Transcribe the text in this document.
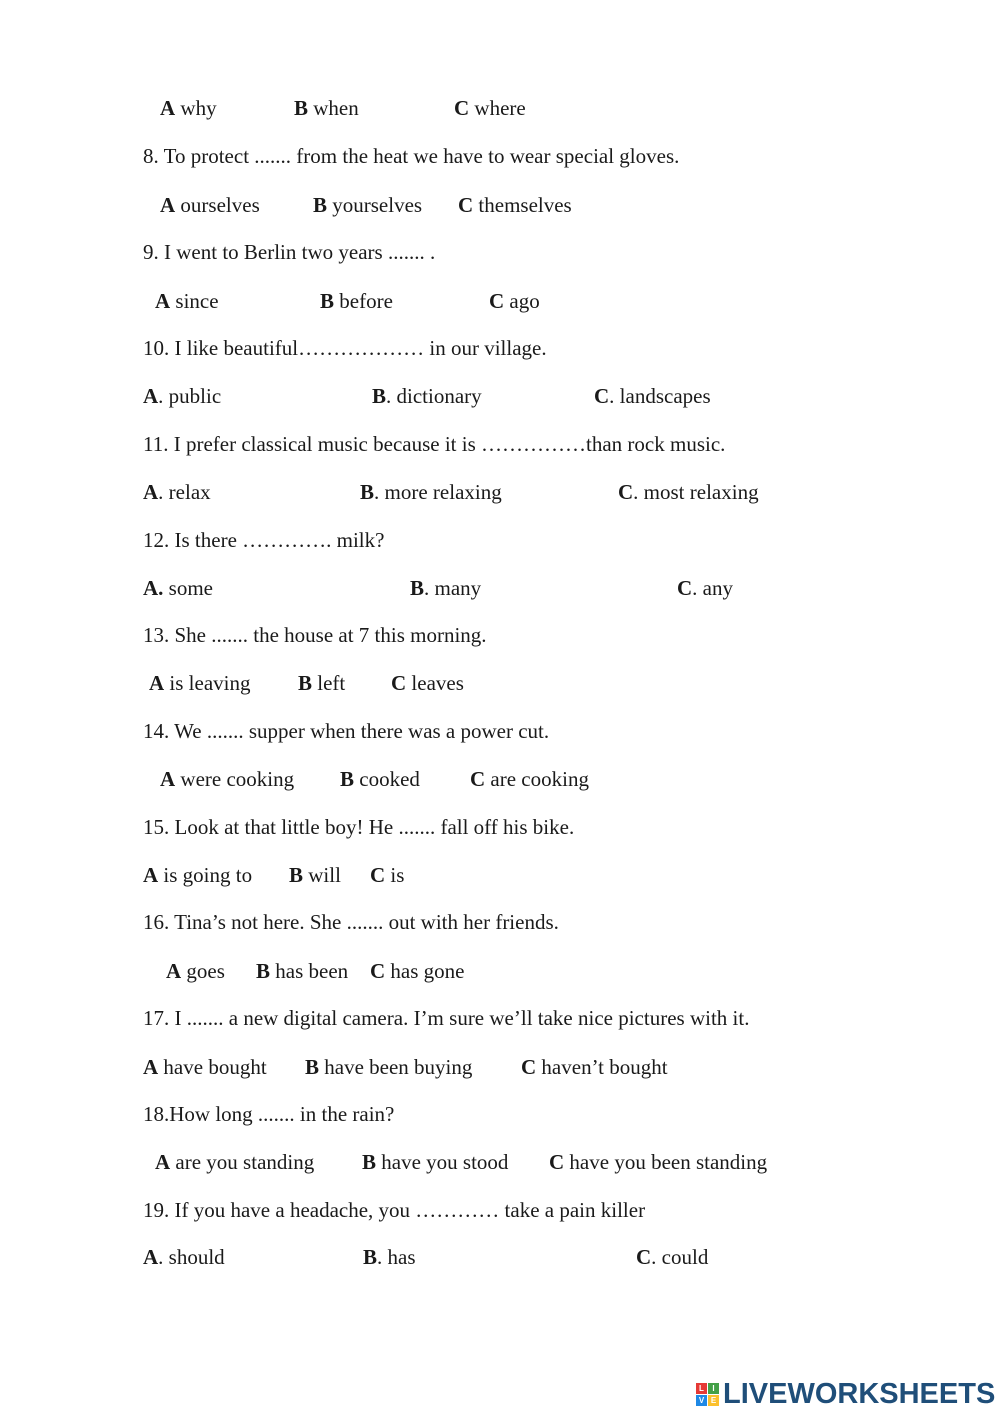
A why	B when	C where
8. To protect ....... from the heat we have to wear special gloves.
A ourselves	B yourselves C themselves
9. I went to Berlin two years ....... .
A since	B before	C ago
10. I like beautiful……………… in our village.
A. public	B. dictionary	C. landscapes
11. I prefer classical music because it is ……………than rock music.
A. relax	B. more relaxing	C. most relaxing
12. Is there …………. milk?
A. some	B. many	C. any
13. She ....... the house at 7 this morning.
A is leaving B left C leaves
14. We ....... supper when there was a power cut.
A were cooking B cooked C are cooking
15. Look at that little boy! He ....... fall off his bike.
A is going to B will C is
16. Tina’s not here. She ....... out with her friends.
A goes B has been C has gone
17. I ....... a new digital camera. I’m sure we’ll take nice pictures with it.
A have bought B have been buying C haven’t bought
18.How long ....... in the rain?
A are you standing B have you stood C have you been standing
19. If you have a headache, you ………… take a pain killer
A. should	B. has	C. could
L	I
V E LIVEWORKSHEETS
